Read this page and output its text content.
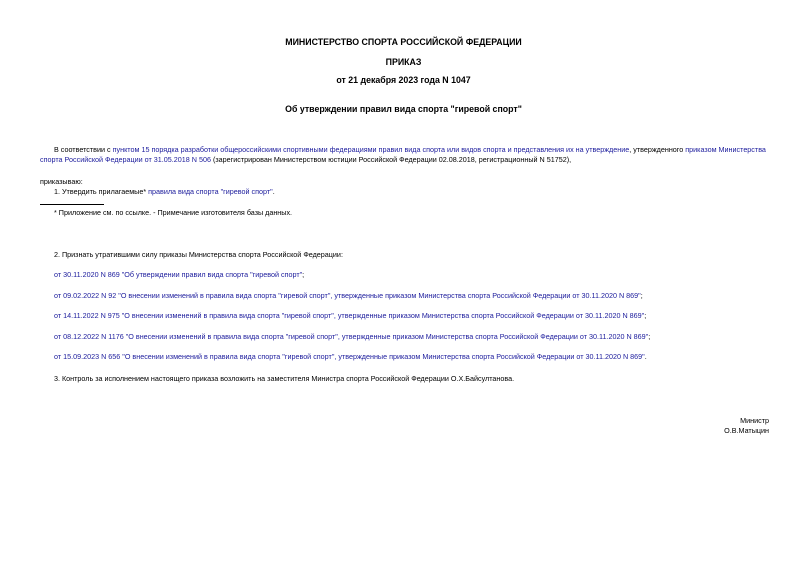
МИНИСТЕРСТВО СПОРТА РОССИЙСКОЙ ФЕДЕРАЦИИ
ПРИКАЗ
от 21 декабря 2023 года N 1047
Об утверждении правил вида спорта "гиревой спорт"
В соответствии с пунктом 15 порядка разработки общероссийскими спортивными федерациями правил вида спорта или видов спорта и представления их на утверждение, утвержденного приказом Министерства
спорта Российской Федерации от 31.05.2018 N 506 (зарегистрирован Министерством юстиции Российской Федерации 02.08.2018, регистрационный N 51752),
приказываю:
1. Утвердить прилагаемые* правила вида спорта "гиревой спорт".
* Приложение см. по ссылке. - Примечание изготовителя базы данных.
2. Признать утратившими силу приказы Министерства спорта Российской Федерации:
от 30.11.2020 N 869 "Об утверждении правил вида спорта "гиревой спорт";
от 09.02.2022 N 92 "О внесении изменений в правила вида спорта "гиревой спорт", утвержденные приказом Министерства спорта Российской Федерации от 30.11.2020 N 869";
от 14.11.2022 N 975 "О внесении изменений в правила вида спорта "гиревой спорт", утвержденные приказом Министерства спорта Российской Федерации от 30.11.2020 N 869";
от 08.12.2022 N 1176 "О внесении изменений в правила вида спорта "гиревой спорт", утвержденные приказом Министерства спорта Российской Федерации от 30.11.2020 N 869";
от 15.09.2023 N 656 "О внесении изменений в правила вида спорта "гиревой спорт", утвержденные приказом Министерства спорта Российской Федерации от 30.11.2020 N 869".
3. Контроль за исполнением настоящего приказа возложить на заместителя Министра спорта Российской Федерации О.Х.Байсултанова.
Министр
О.В.Матыцин
